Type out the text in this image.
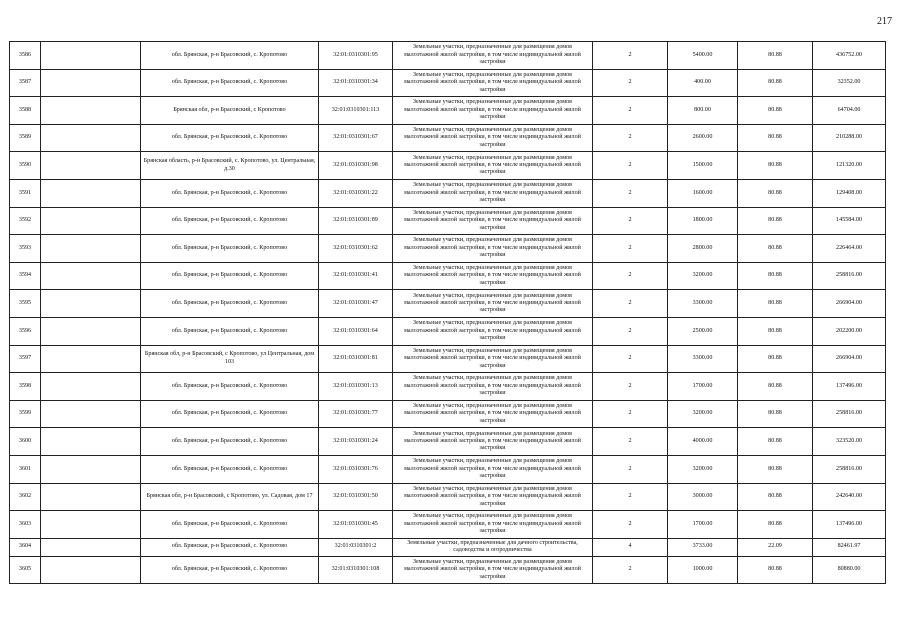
217
3586		обл. Брянская, р-н Брасовский, с. Кропотово	32:01:0310301:95	Земельные участки, предназначенные для размещения домов малоэтажной жилой застройки, в том числе индивидуальной жилой застройки	2	5400.00	80.88	436752.00
3587		обл. Брянская, р-н Брасовский, с. Кропотово	32:01:0310301:34	Земельные участки, предназначенные для размещения домов малоэтажной жилой застройки, в том числе индивидуальной жилой застройки	2	400.00	80.88	32352.00
3588		Брянская обл, р-н Брасовский, с Кропотово	32:01:0310301:113	Земельные участки, предназначенные для размещения домов малоэтажной жилой застройки, в том числе индивидуальной жилой застройки	2	800.00	80.88	64704.00
3589		обл. Брянская, р-н Брасовский, с. Кропотово	32:01:0310301:67	Земельные участки, предназначенные для размещения домов малоэтажной жилой застройки, в том числе индивидуальной жилой застройки	2	2600.00	80.88	210288.00
3590		Брянская область, р-н Брасовский, с. Кропотово, ул. Центральная, д.30	32:01:0310301:98	Земельные участки, предназначенные для размещения домов малоэтажной жилой застройки, в том числе индивидуальной жилой застройки	2	1500.00	80.88	121320.00
3591		обл. Брянская, р-н Брасовский, с. Кропотово	32:01:0310301:22	Земельные участки, предназначенные для размещения домов малоэтажной жилой застройки, в том числе индивидуальной жилой застройки	2	1600.00	80.88	129408.00
3592		обл. Брянская, р-н Брасовский, с. Кропотово	32:01:0310301:89	Земельные участки, предназначенные для размещения домов малоэтажной жилой застройки, в том числе индивидуальной жилой застройки	2	1800.00	80.88	145584.00
3593		обл. Брянская, р-н Брасовский, с. Кропотово	32:01:0310301:62	Земельные участки, предназначенные для размещения домов малоэтажной жилой застройки, в том числе индивидуальной жилой застройки	2	2800.00	80.88	226464.00
3594		обл. Брянская, р-н Брасовский, с. Кропотово	32:01:0310301:41	Земельные участки, предназначенные для размещения домов малоэтажной жилой застройки, в том числе индивидуальной жилой застройки	2	3200.00	80.88	258816.00
3595		обл. Брянская, р-н Брасовский, с. Кропотово	32:01:0310301:47	Земельные участки, предназначенные для размещения домов малоэтажной жилой застройки, в том числе индивидуальной жилой застройки	2	3300.00	80.88	266904.00
3596		обл. Брянская, р-н Брасовский, с. Кропотово	32:01:0310301:64	Земельные участки, предназначенные для размещения домов малоэтажной жилой застройки, в том числе индивидуальной жилой застройки	2	2500.00	80.88	202200.00
3597		Брянская обл, р-н Брасовский, с Кропотово, ул Центральная, дом 103	32:01:0310301:81	Земельные участки, предназначенные для размещения домов малоэтажной жилой застройки, в том числе индивидуальной жилой застройки	2	3300.00	80.88	266904.00
3598		обл. Брянская, р-н Брасовский, с. Кропотово	32:01:0310301:13	Земельные участки, предназначенные для размещения домов малоэтажной жилой застройки, в том числе индивидуальной жилой застройки	2	1700.00	80.88	137496.00
3599		обл. Брянская, р-н Брасовский, с. Кропотово	32:01:0310301:77	Земельные участки, предназначенные для размещения домов малоэтажной жилой застройки, в том числе индивидуальной жилой застройки	2	3200.00	80.88	258816.00
3600		обл. Брянская, р-н Брасовский, с. Кропотово	32:01:0310301:24	Земельные участки, предназначенные для размещения домов малоэтажной жилой застройки, в том числе индивидуальной жилой застройки	2	4000.00	80.88	323520.00
3601		обл. Брянская, р-н Брасовский, с. Кропотово	32:01:0310301:76	Земельные участки, предназначенные для размещения домов малоэтажной жилой застройки, в том числе индивидуальной жилой застройки	2	3200.00	80.88	258816.00
3602		Брянская обл, р-н Брасовский, с Кропотово, ул. Садовая, дом 17	32:01:0310301:50	Земельные участки, предназначенные для размещения домов малоэтажной жилой застройки, в том числе индивидуальной жилой застройки	2	3000.00	80.88	242640.00
3603		обл. Брянская, р-н Брасовский, с. Кропотово	32:01:0310301:45	Земельные участки, предназначенные для размещения домов малоэтажной жилой застройки, в том числе индивидуальной жилой застройки	2	1700.00	80.88	137496.00
3604		обл. Брянская, р-н Брасовский, с. Кропотово	32:01:0310301:2	Земельные участки, предназначенные для дачного строительства, садоводства и огородничества	4	3733.00	22.09	82461.97
3605		обл. Брянская, р-н Брасовский, с. Кропотово	32:01:0310301:108	Земельные участки, предназначенные для размещения домов малоэтажной жилой застройки, в том числе индивидуальной жилой застройки	2	1000.00	80.88	80880.00
